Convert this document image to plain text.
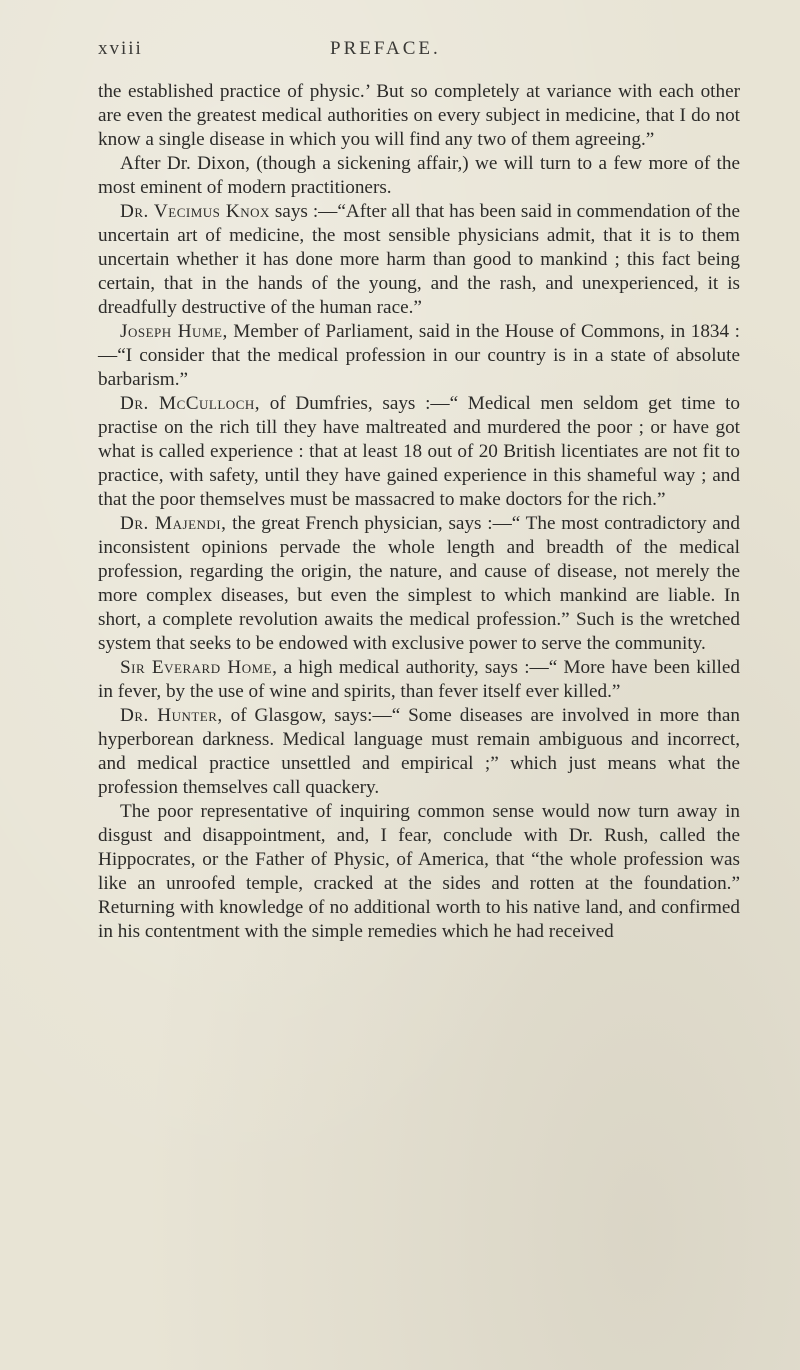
xviii	PREFACE.

the established practice of physic.’ But so completely at variance with each other are even the greatest medical authorities on every subject in medicine, that I do not know a single disease in which you will find any two of them agreeing.”

After Dr. Dixon, (though a sickening affair,) we will turn to a few more of the most eminent of modern practitioners.

Dr. Vecimus Knox says :—“After all that has been said in commendation of the uncertain art of medicine, the most sensible physicians admit, that it is to them uncertain whether it has done more harm than good to mankind ; this fact being certain, that in the hands of the young, and the rash, and unexperienced, it is dreadfully destructive of the human race.”

Joseph Hume, Member of Parliament, said in the House of Commons, in 1834 :—“I consider that the medical profession in our country is in a state of absolute barbarism.”

Dr. McCulloch, of Dumfries, says :—“ Medical men seldom get time to practise on the rich till they have maltreated and murdered the poor ; or have got what is called experience : that at least 18 out of 20 British licentiates are not fit to practice, with safety, until they have gained experience in this shameful way ; and that the poor themselves must be massacred to make doctors for the rich.”

Dr. Majendi, the great French physician, says :—“ The most contradictory and inconsistent opinions pervade the whole length and breadth of the medical profession, regarding the origin, the nature, and cause of disease, not merely the more complex diseases, but even the simplest to which mankind are liable. In short, a complete revolution awaits the medical profession.” Such is the wretched system that seeks to be endowed with exclusive power to serve the community.

Sir Everard Home, a high medical authority, says :—“ More have been killed in fever, by the use of wine and spirits, than fever itself ever killed.”

Dr. Hunter, of Glasgow, says:—“ Some diseases are involved in more than hyperborean darkness. Medical language must remain ambiguous and incorrect, and medical practice unsettled and empirical ;” which just means what the profession themselves call quackery.

The poor representative of inquiring common sense would now turn away in disgust and disappointment, and, I fear, conclude with Dr. Rush, called the Hippocrates, or the Father of Physic, of America, that “the whole profession was like an unroofed temple, cracked at the sides and rotten at the foundation.” Returning with knowledge of no additional worth to his native land, and confirmed in his contentment with the simple remedies which he had received
